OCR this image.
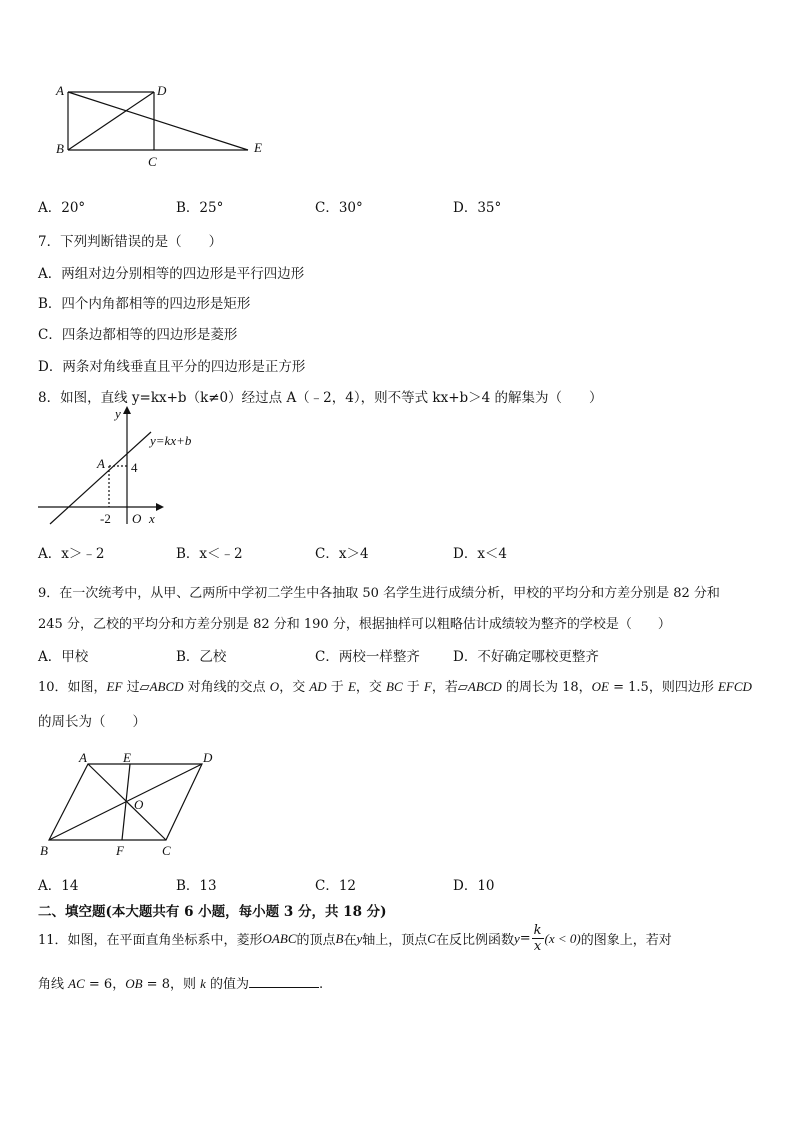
A	D
B
C
E
A．20°	B．25°	C．30°	D．35°
7．下列判断错误的是（　　）
A．两组对边分别相等的四边形是平行四边形
B．四个内角都相等的四边形是矩形
C．四条边都相等的四边形是菱形
D．两条对角线垂直且平分的四边形是正方形
8．如图，直线 y=kx+b（k≠0）经过点 A（﹣2，4），则不等式 kx+b＞4 的解集为（　　）
y
y=kx+b
A 4
-2 O x
A．x＞﹣2	B．x＜﹣2	C．x＞4	D．x＜4
9．在一次统考中，从甲、乙两所中学初二学生中各抽取 50 名学生进行成绩分析，甲校的平均分和方差分别是 82 分和
245 分，乙校的平均分和方差分别是 82 分和 190 分，根据抽样可以粗略估计成绩较为整齐的学校是（　　）
A．甲校	B．乙校	C．两校一样整齐 D．不好确定哪校更整齐
10．如图，EF 过▱ABCD 对角线的交点 O，交 AD 于 E，交 BC 于 F，若▱ABCD 的周长为 18，OE = 1.5，则四边形 EFCD
的周长为（　　）
A	E	D
O
B	F	C
A．14	B．13	C．12	D．10
二、填空题(本大题共有 6 小题，每小题 3 分，共 18 分)
11．如图，在平面直角坐标系中，菱形 OABC 的顶点 B 在 y 轴上，顶点 C 在反比例函数 $y = \frac{k}{x} (x < 0)$ 的图象上，若对
角线 AC = 6，OB = 8，则 k 的值为	.
